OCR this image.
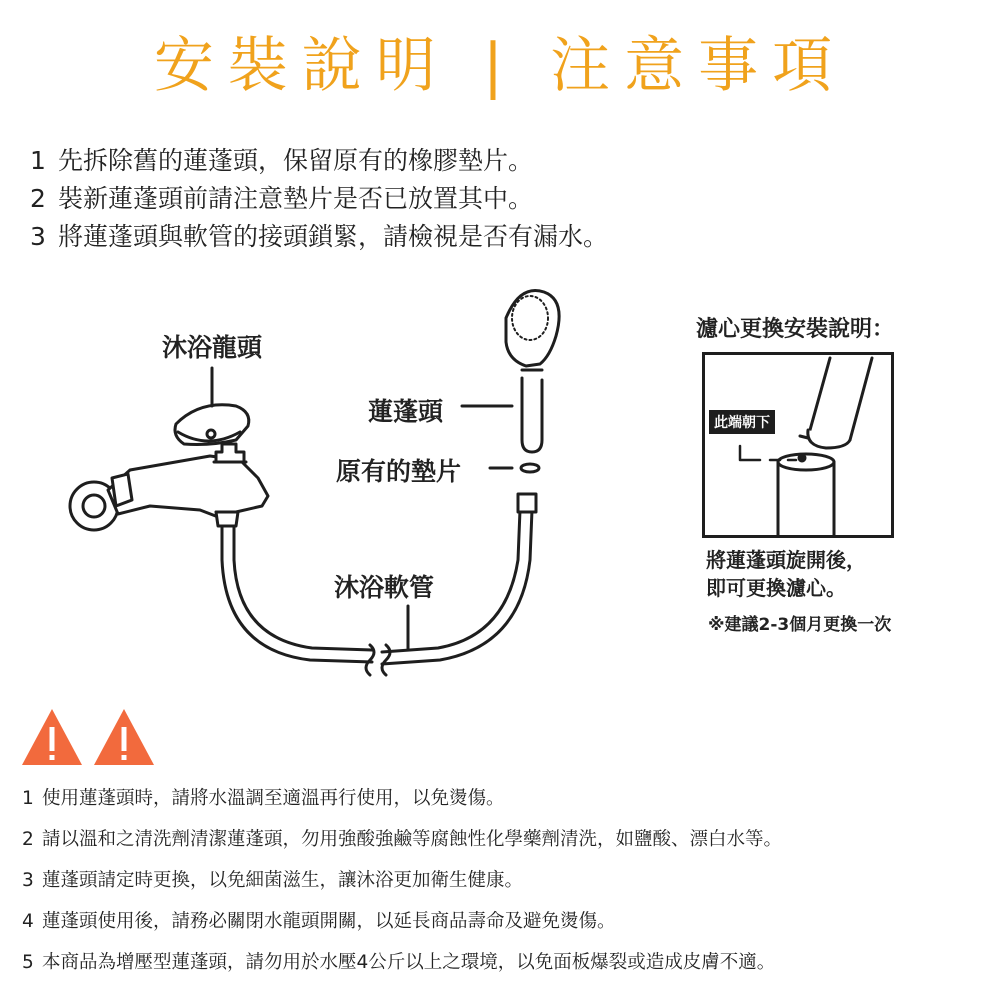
安裝說明 | 注意事項
1 先拆除舊的蓮蓬頭，保留原有的橡膠墊片。
2 裝新蓮蓬頭前請注意墊片是否已放置其中。
3 將蓮蓬頭與軟管的接頭鎖緊，請檢視是否有漏水。
沐浴龍頭
蓮蓬頭
原有的墊片
沐浴軟管
濾心更換安裝說明：
此端朝下
將蓮蓬頭旋開後，
即可更換濾心。
※建議2-3個月更換一次
1 使用蓮蓬頭時，請將水溫調至適溫再行使用，以免燙傷。
2 請以溫和之清洗劑清潔蓮蓬頭，勿用強酸強鹼等腐蝕性化學藥劑清洗，如鹽酸、漂白水等。
3 蓮蓬頭請定時更換，以免細菌滋生，讓沐浴更加衛生健康。
4 蓮蓬頭使用後，請務必關閉水龍頭開關，以延長商品壽命及避免燙傷。
5 本商品為增壓型蓮蓬頭，請勿用於水壓4公斤以上之環境，以免面板爆裂或造成皮膚不適。
